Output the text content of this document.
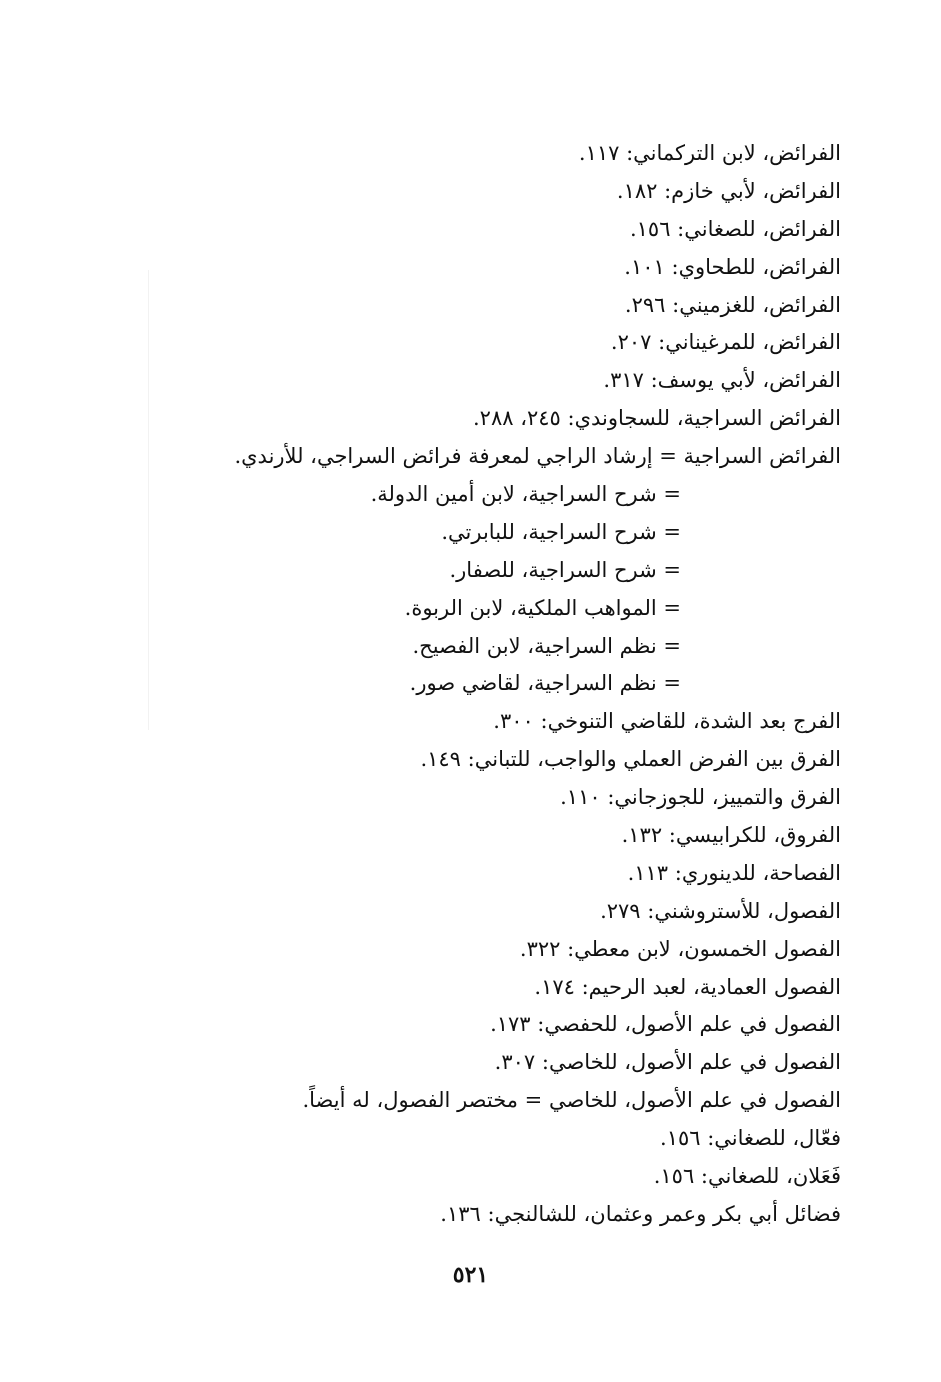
الفرائض، لابن التركماني: ١١٧.
الفرائض، لأبي خازم: ١٨٢.
الفرائض، للصغاني: ١٥٦.
الفرائض، للطحاوي: ١٠١.
الفرائض، للغزميني: ٢٩٦.
الفرائض، للمرغيناني: ٢٠٧.
الفرائض، لأبي يوسف: ٣١٧.
الفرائض السراجية، للسجاوندي: ٢٤٥، ٢٨٨.
الفرائض السراجية = إرشاد الراجي لمعرفة فرائض السراجي، للأرندي.
= شرح السراجية، لابن أمين الدولة.
= شرح السراجية، للبابرتي.
= شرح السراجية، للصفار.
= المواهب الملكية، لابن الربوة.
= نظم السراجية، لابن الفصيح.
= نظم السراجية، لقاضي صور.
الفرج بعد الشدة، للقاضي التنوخي: ٣٠٠.
الفرق بين الفرض العملي والواجب، للتباني: ١٤٩.
الفرق والتمييز، للجوزجاني: ١١٠.
الفروق، للكرابيسي: ١٣٢.
الفصاحة، للدينوري: ١١٣.
الفصول، للأستروشني: ٢٧٩.
الفصول الخمسون، لابن معطي: ٣٢٢.
الفصول العمادية، لعبد الرحيم: ١٧٤.
الفصول في علم الأصول، للحفصي: ١٧٣.
الفصول في علم الأصول، للخاصي: ٣٠٧.
الفصول في علم الأصول، للخاصي = مختصر الفصول، له أيضاً.
فعّال، للصغاني: ١٥٦.
فَعَلان، للصغاني: ١٥٦.
فضائل أبي بكر وعمر وعثمان، للشالنجي: ١٣٦.
٥٢١
